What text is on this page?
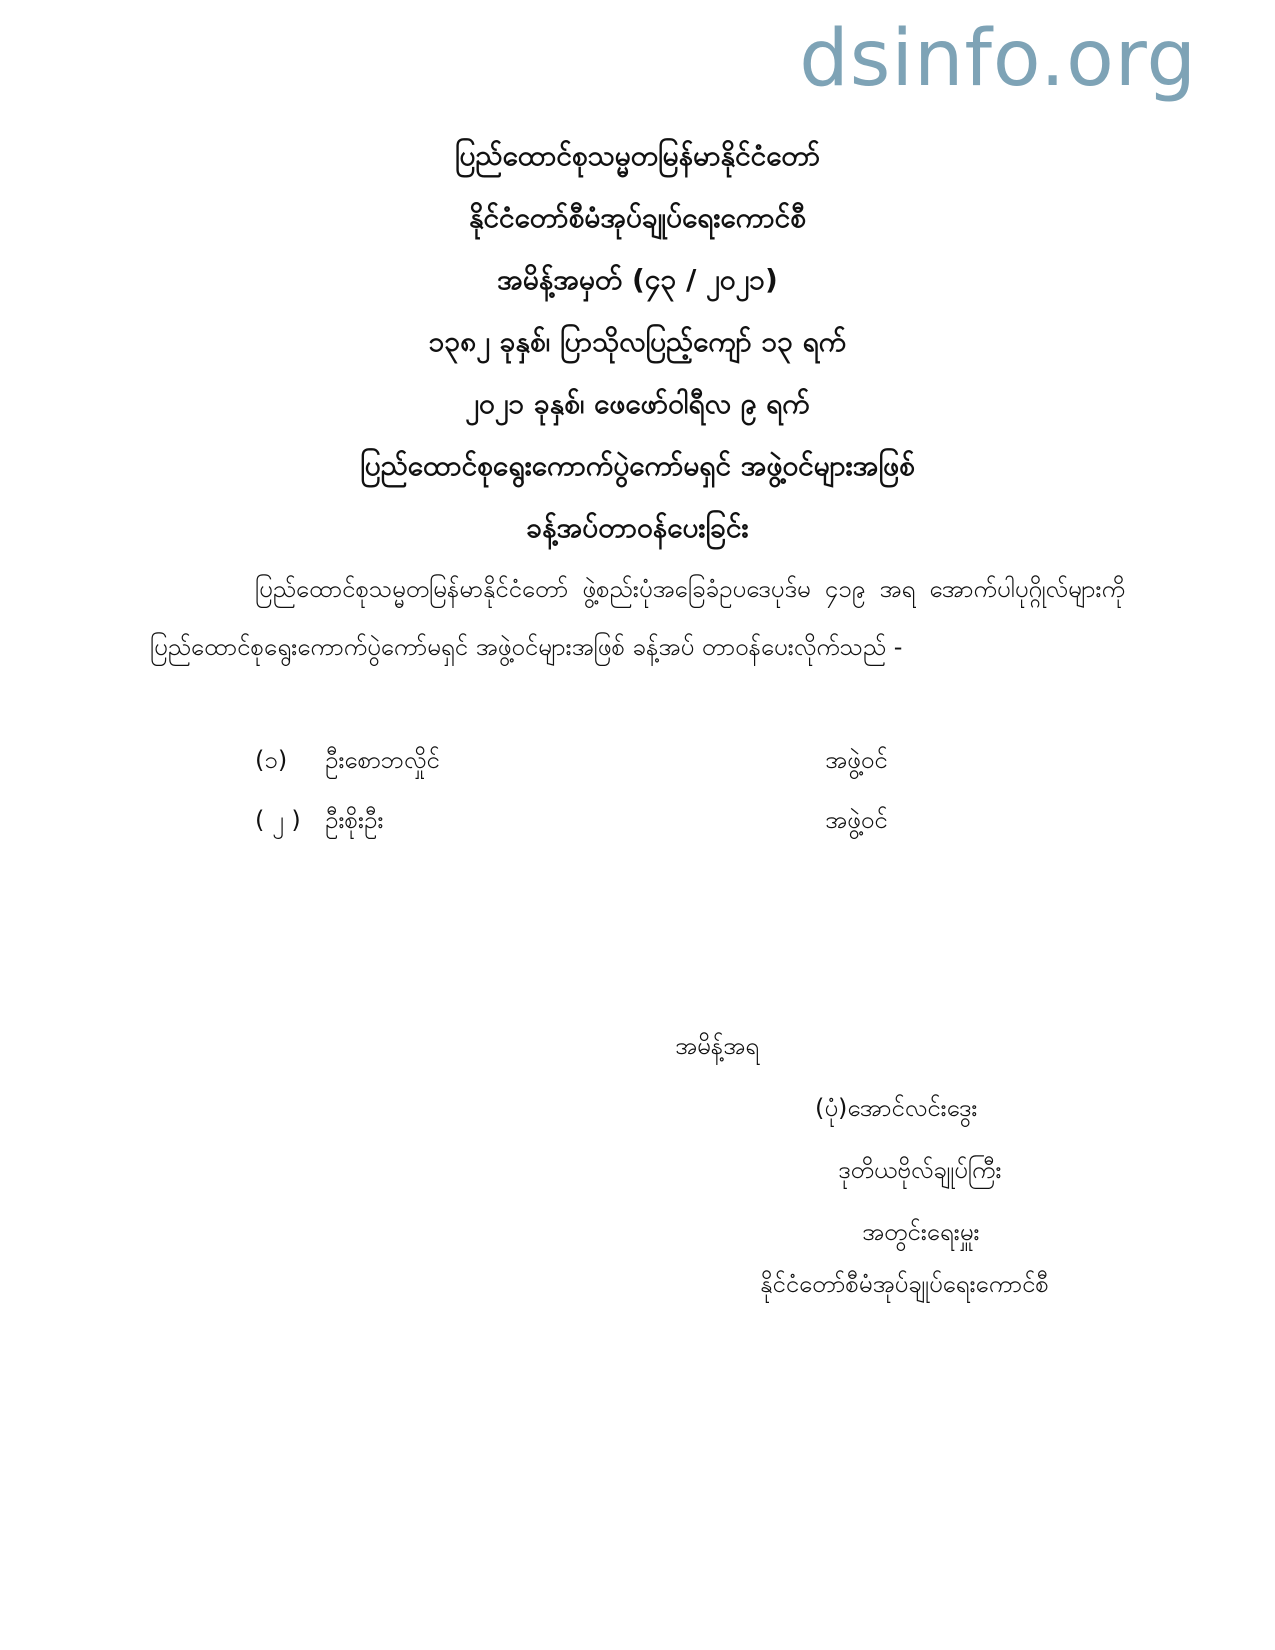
dsinfo.org
ပြည်ထောင်စုသမ္မတမြန်မာနိုင်ငံတော်
နိုင်ငံတော်စီမံအုပ်ချုပ်ရေးကောင်စီ
အမိန့်အမှတ် (၄၃ / ၂၀၂၁)
၁၃၈၂ ခုနှစ်၊ ပြာသိုလပြည့်ကျော် ၁၃ ရက်
၂၀၂၁ ခုနှစ်၊ ဖေဖော်ဝါရီလ ၉ ရက်
ပြည်ထောင်စုရွေးကောက်ပွဲကော်မရှင် အဖွဲ့ဝင်များအဖြစ်
ခန့်အပ်တာဝန်ပေးခြင်း
ပြည်ထောင်စုသမ္မတမြန်မာနိုင်ငံတော် ဖွဲ့စည်းပုံအခြေခံဥပဒေပုဒ်မ ၄၁၉ အရ အောက်ပါပုဂ္ဂိုလ်များကို ပြည်ထောင်စုရွေးကောက်ပွဲကော်မရှင် အဖွဲ့ဝင်များအဖြစ် ခန့်အပ် တာဝန်ပေးလိုက်သည် -
(၁) ဦးစောဘလှိုင်	အဖွဲ့ဝင်
( ၂ ) ဦးစိုးဦး	အဖွဲ့ဝင်
အမိန့်အရ
(ပုံ)အောင်လင်းဒွေး
ဒုတိယဗိုလ်ချုပ်ကြီး
အတွင်းရေးမှူး
နိုင်ငံတော်စီမံအုပ်ချုပ်ရေးကောင်စီ
